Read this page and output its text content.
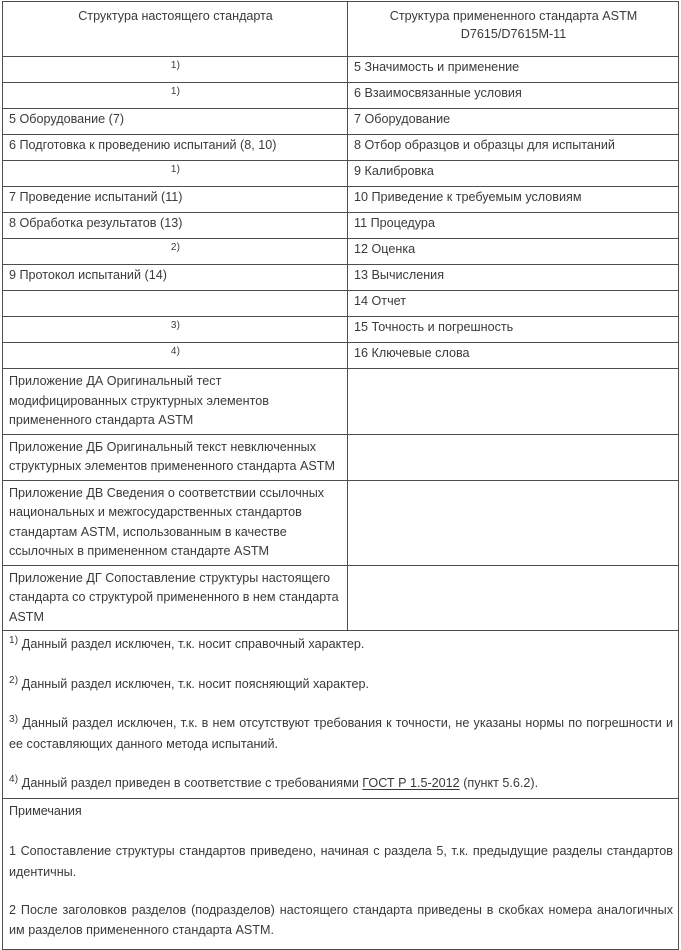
Структура настоящего стандарта	Структура примененного стандарта ASTM
D7615/D7615M-11

$^{1)}$	5 Значимость и применение
$^{1)}$	6 Взаимосвязанные условия
5 Оборудование (7)	7 Оборудование
6 Подготовка к проведению испытаний (8, 10)	8 Отбор образцов и образцы для испытаний
$^{1)}$	9 Калибровка
7 Проведение испытаний (11)	10 Приведение к требуемым условиям
8 Обработка результатов (13)	11 Процедура
$^{2)}$	12 Оценка
9 Протокол испытаний (14)	13 Вычисления
	14 Отчет
$^{3)}$	15 Точность и погрешность
$^{4)}$	16 Ключевые слова
Приложение ДА Оригинальный тест модифицированных структурных элементов примененного стандарта ASTM	
Приложение ДБ Оригинальный текст невключенных структурных элементов примененного стандарта ASTM	
Приложение ДВ Сведения о соответствии ссылочных национальных и межгосударственных стандартов стандартам ASTM, использованным в качестве ссылочных в примененном стандарте ASTM	
Приложение ДГ Сопоставление структуры настоящего стандарта со структурой примененного в нем стандарта ASTM	

$^{1)}$ Данный раздел исключен, т.к. носит справочный характер.

$^{2)}$ Данный раздел исключен, т.к. носит поясняющий характер.

$^{3)}$ Данный раздел исключен, т.к. в нем отсутствуют требования к точности, не указаны нормы по погрешности и ее составляющих данного метода испытаний.

$^{4)}$ Данный раздел приведен в соответствие с требованиями ГОСТ Р 1.5-2012 (пункт 5.6.2).	

Примечания

1 Сопоставление структуры стандартов приведено, начиная с раздела 5, т.к. предыдущие разделы стандартов идентичны.

2 После заголовков разделов (подразделов) настоящего стандарта приведены в скобках номера аналогичных им разделов примененного стандарта ASTM.	
